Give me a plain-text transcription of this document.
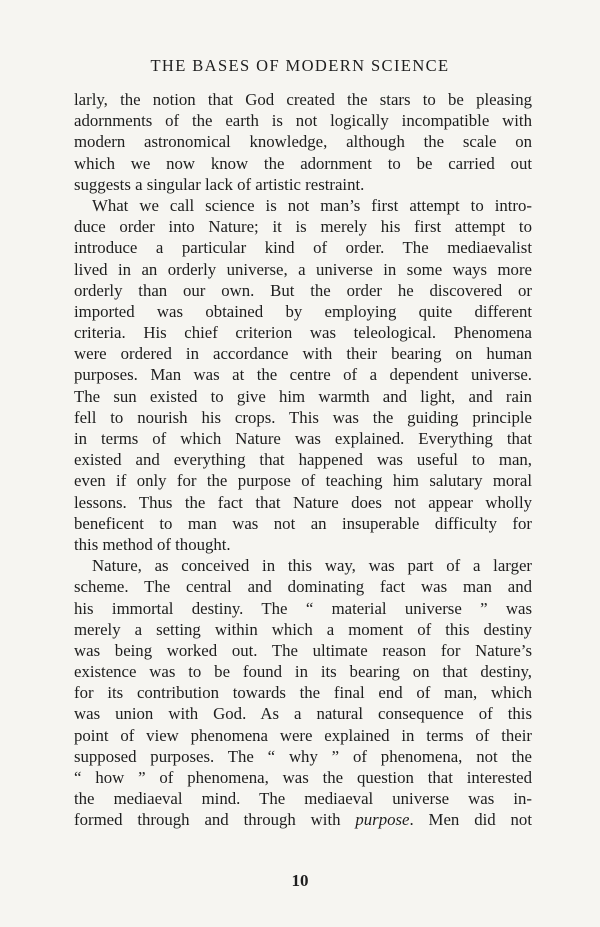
THE BASES OF MODERN SCIENCE
larly, the notion that God created the stars to be pleasing
adornments of the earth is not logically incompatible with
modern astronomical knowledge, although the scale on
which we now know the adornment to be carried out
suggests a singular lack of artistic restraint.
What we call science is not man’s first attempt to intro-
duce order into Nature; it is merely his first attempt to
introduce a particular kind of order. The mediaevalist
lived in an orderly universe, a universe in some ways more
orderly than our own. But the order he discovered or
imported was obtained by employing quite different
criteria. His chief criterion was teleological. Phenomena
were ordered in accordance with their bearing on human
purposes. Man was at the centre of a dependent universe.
The sun existed to give him warmth and light, and rain
fell to nourish his crops. This was the guiding principle
in terms of which Nature was explained. Everything that
existed and everything that happened was useful to man,
even if only for the purpose of teaching him salutary moral
lessons. Thus the fact that Nature does not appear wholly
beneficent to man was not an insuperable difficulty for
this method of thought.
Nature, as conceived in this way, was part of a larger
scheme. The central and dominating fact was man and
his immortal destiny. The “ material universe ” was
merely a setting within which a moment of this destiny
was being worked out. The ultimate reason for Nature’s
existence was to be found in its bearing on that destiny,
for its contribution towards the final end of man, which
was union with God. As a natural consequence of this
point of view phenomena were explained in terms of their
supposed purposes. The “ why ” of phenomena, not the
“ how ” of phenomena, was the question that interested
the mediaeval mind. The mediaeval universe was in-
formed through and through with purpose. Men did not
10
